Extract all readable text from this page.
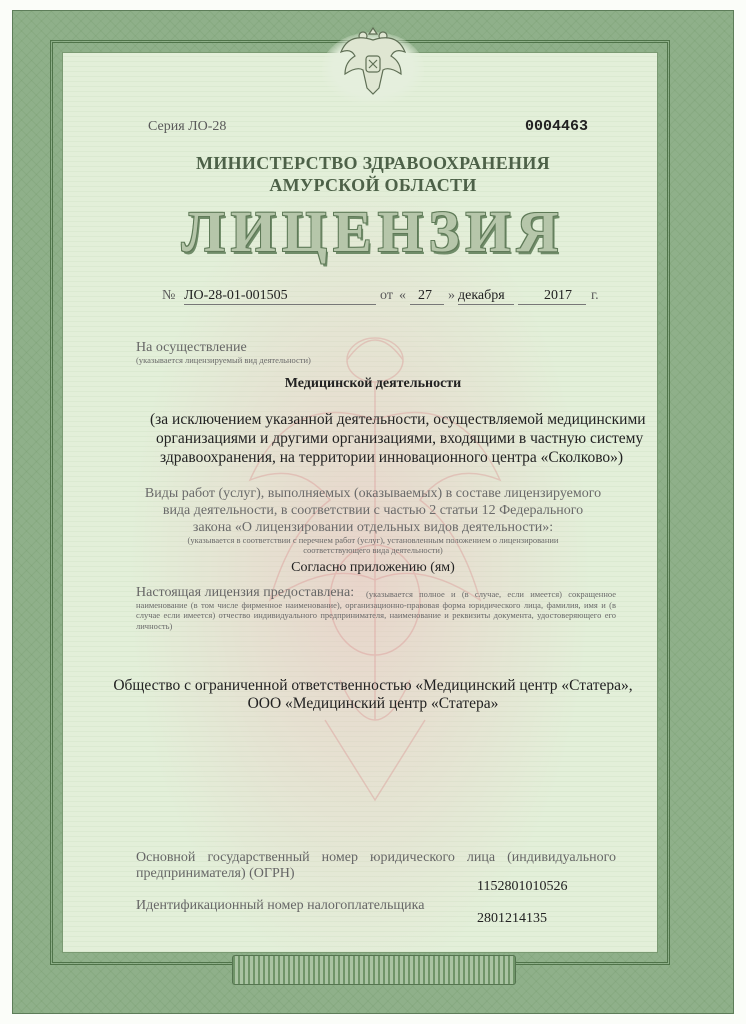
Серия ЛО-28	0004463

МИНИСТЕРСТВО ЗДРАВООХРАНЕНИЯ

АМУРСКОЙ ОБЛАСТИ

ЛИЦЕНЗИЯ

№ ЛО-28-01-001505	от « 27 » декабря	2017 г.

На осуществление

(указывается лицензируемый вид деятельности)

Медицинской деятельности

(за исключением указанной деятельности, осуществляемой медицинскими

организациями и другими организациями, входящими в частную систему

здравоохранения, на территории инновационного центра «Сколково»)

Виды работ (услуг), выполняемых (оказываемых) в составе лицензируемого

вида деятельности, в соответствии с частью 2 статьи 12 Федерального

закона «О лицензировании отдельных видов деятельности»:

(указывается в соответствии с перечнем работ (услуг), установленным положением о лицензировании

соответствующего вида деятельности)

Согласно приложению (ям)

Настоящая лицензия предоставлена:	(указывается полное и (в случае, если имеется) сокращенное наименование (в том числе фирменное наименование), организационно-правовая форма юридического лица, фамилия, имя и (в случае если имеется) отчество индивидуального предпринимателя, наименование и реквизиты документа, удостоверяющего его личность)

Общество с ограниченной ответственностью «Медицинский центр «Статера»,

ООО «Медицинский центр «Статера»

Основной государственный номер юридического лица (индивидуального

предпринимателя) (ОГРН)

1152801010526

Идентификационный номер налогоплательщика

2801214135
